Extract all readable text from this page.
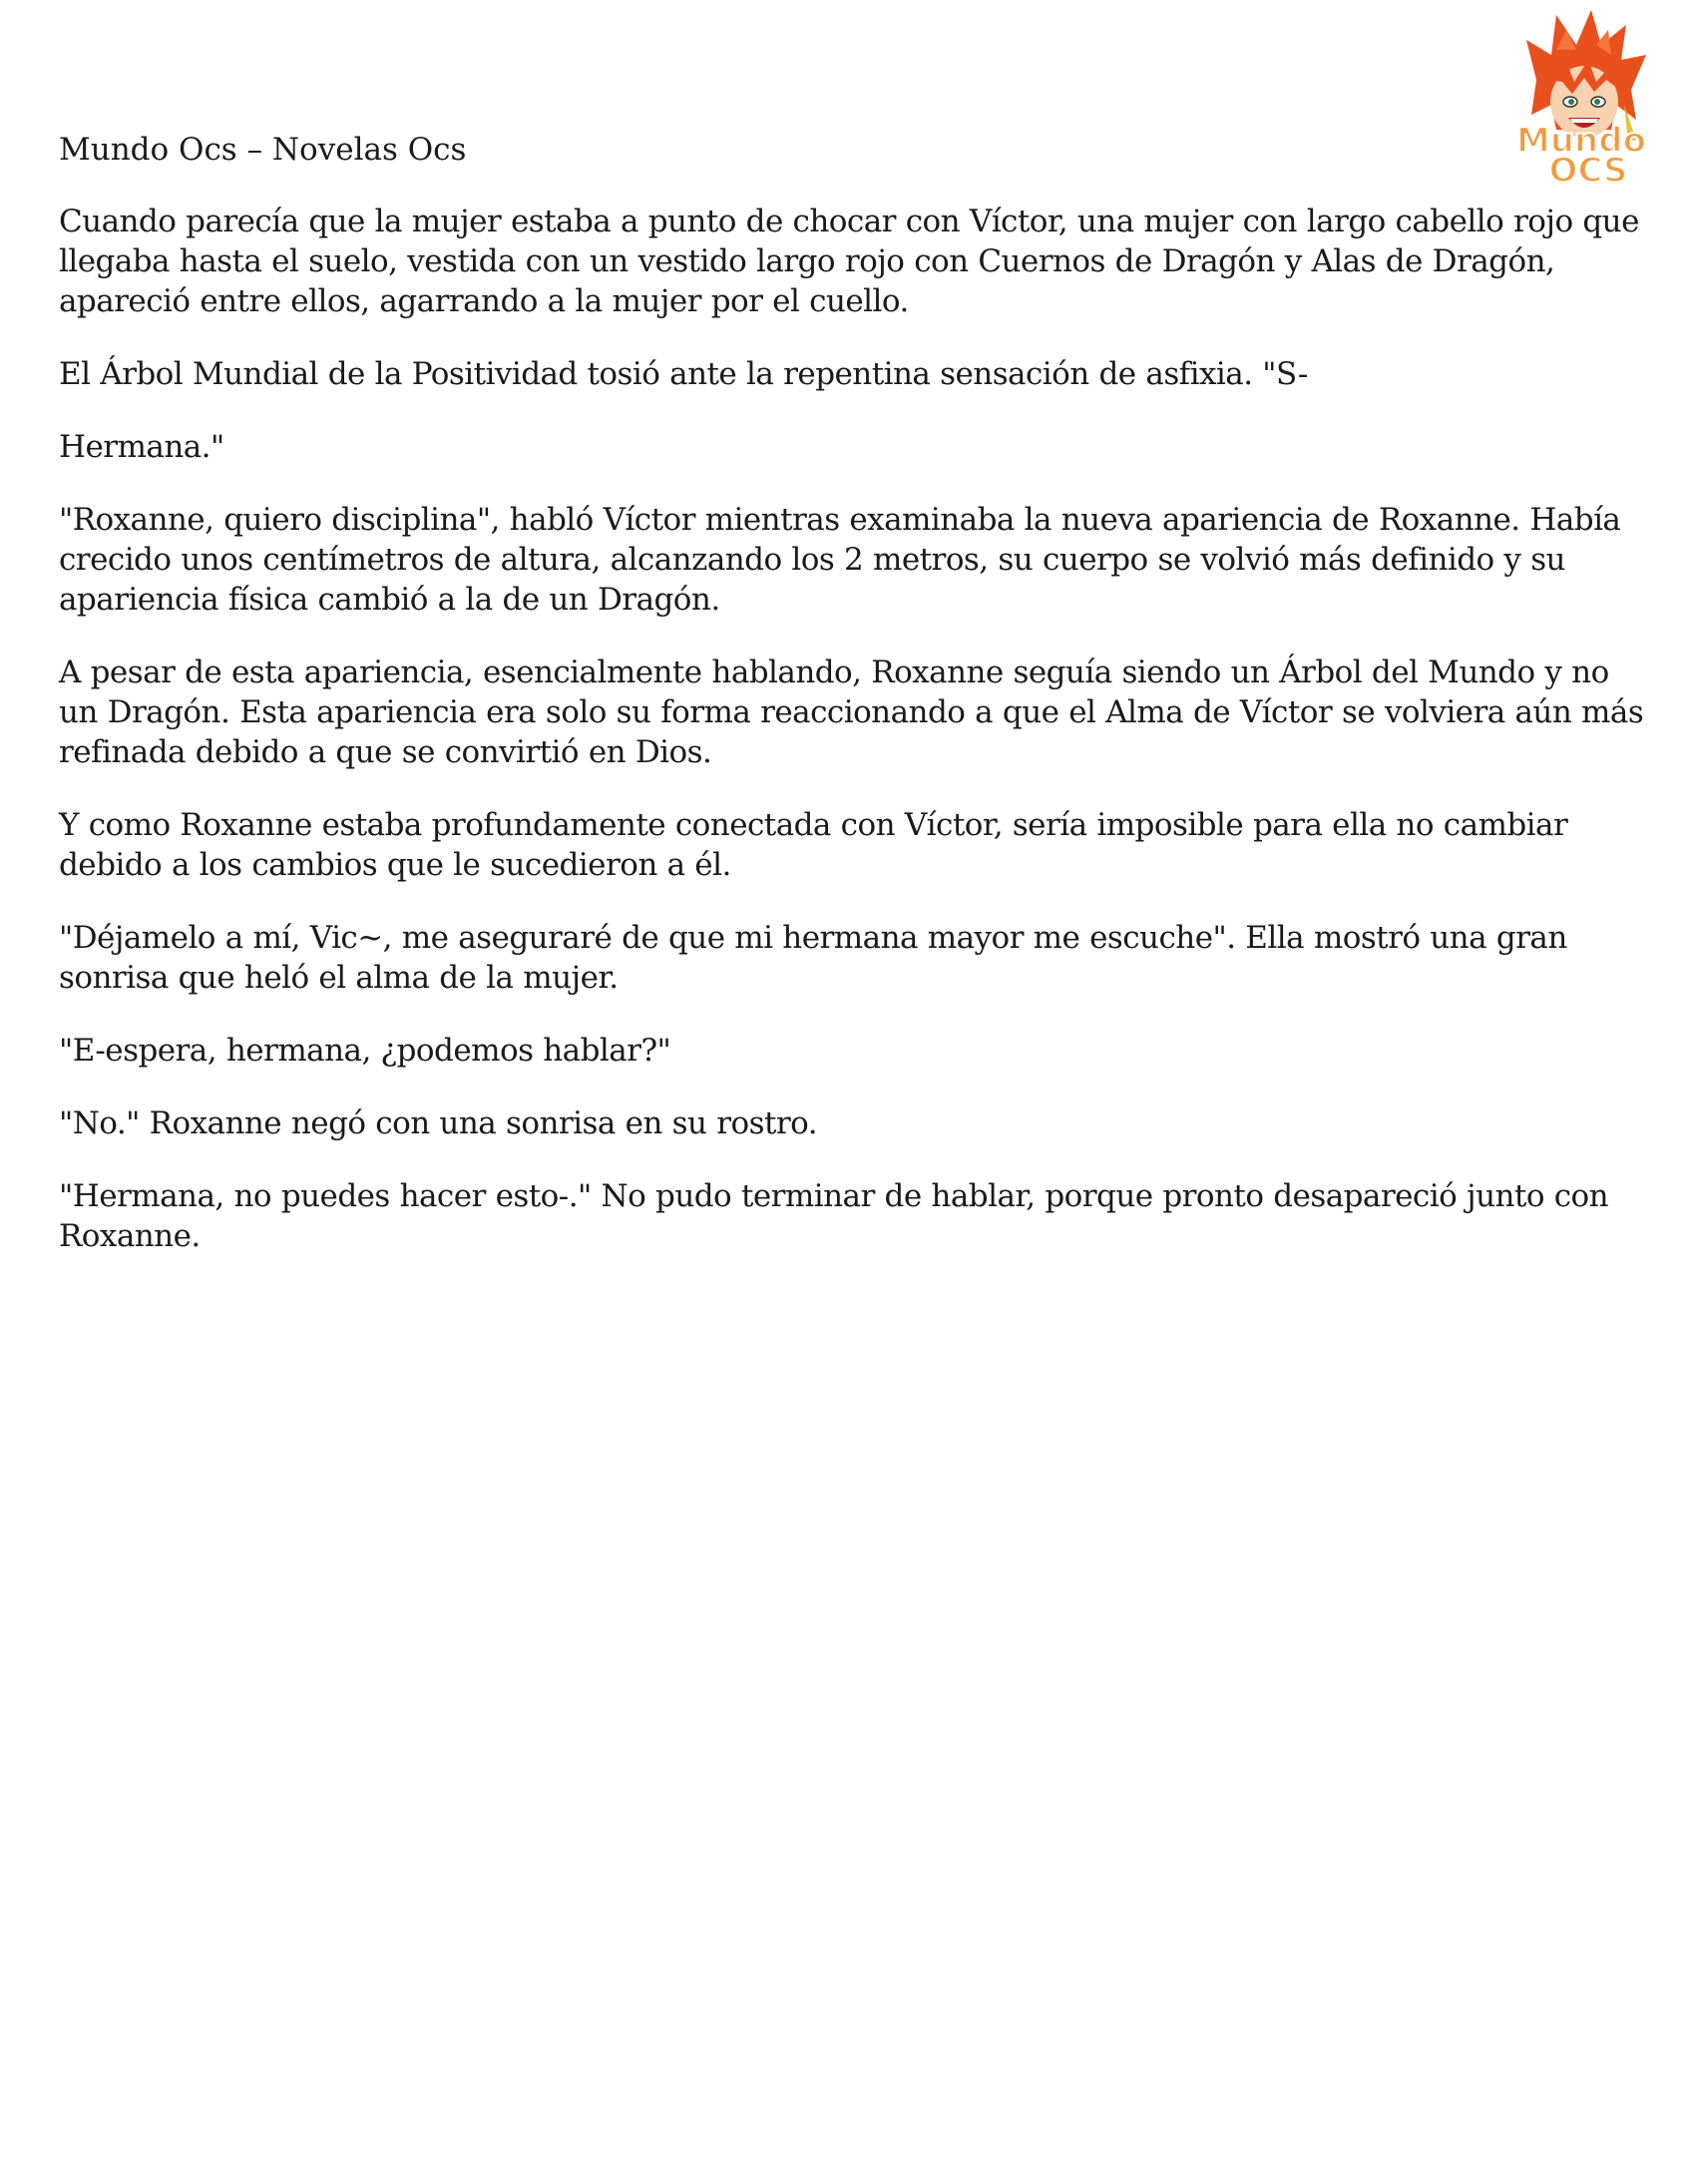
Mundo
OCS
Mundo Ocs – Novelas Ocs

Cuando parecía que la mujer estaba a punto de chocar con Víctor, una mujer con largo cabello rojo que llegaba hasta el suelo, vestida con un vestido largo rojo con Cuernos de Dragón y Alas de Dragón, apareció entre ellos, agarrando a la mujer por el cuello.

El Árbol Mundial de la Positividad tosió ante la repentina sensación de asfixia. "S-

Hermana."

"Roxanne, quiero disciplina", habló Víctor mientras examinaba la nueva apariencia de Roxanne. Había crecido unos centímetros de altura, alcanzando los 2 metros, su cuerpo se volvió más definido y su apariencia física cambió a la de un Dragón.

A pesar de esta apariencia, esencialmente hablando, Roxanne seguía siendo un Árbol del Mundo y no un Dragón. Esta apariencia era solo su forma reaccionando a que el Alma de Víctor se volviera aún más refinada debido a que se convirtió en Dios.

Y como Roxanne estaba profundamente conectada con Víctor, sería imposible para ella no cambiar debido a los cambios que le sucedieron a él.

"Déjamelo a mí, Vic~, me aseguraré de que mi hermana mayor me escuche". Ella mostró una gran sonrisa que heló el alma de la mujer.

"E-espera, hermana, ¿podemos hablar?"

"No." Roxanne negó con una sonrisa en su rostro.

"Hermana, no puedes hacer esto-." No pudo terminar de hablar, porque pronto desapareció junto con Roxanne.
